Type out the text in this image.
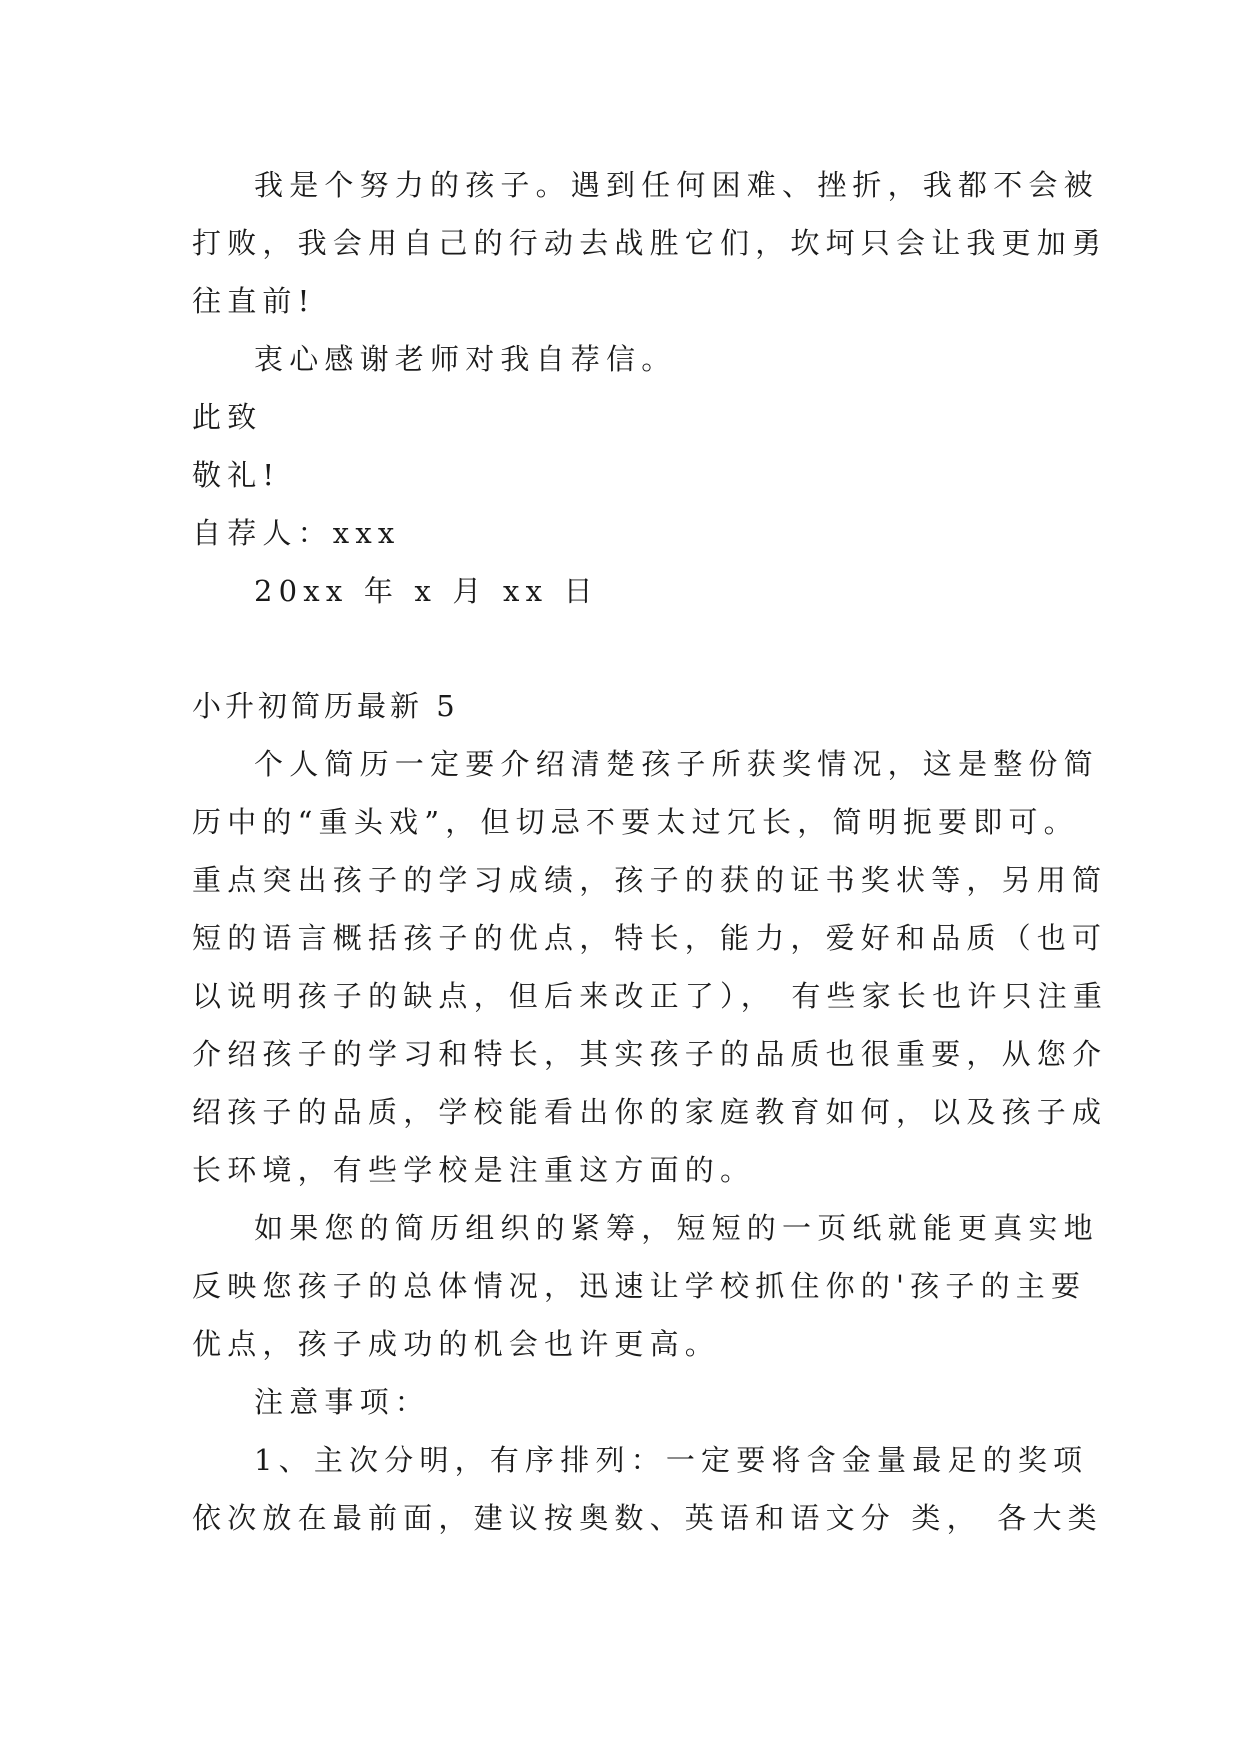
我是个努力的孩子。遇到任何困难、挫折，我都不会被
打败，我会用自己的行动去战胜它们，坎坷只会让我更加勇
往直前!
衷心感谢老师对我自荐信。
此致
敬礼!
自荐人：xxx
20xx 年 x 月 xx 日
小升初简历最新 5
个人简历一定要介绍清楚孩子所获奖情况，这是整份简
历中的“重头戏”，但切忌不要太过冗长，简明扼要即可。
重点突出孩子的学习成绩，孩子的获的证书奖状等，另用简
短的语言概括孩子的优点，特长，能力，爱好和品质（也可
以说明孩子的缺点，但后来改正了）， 有些家长也许只注重
介绍孩子的学习和特长，其实孩子的品质也很重要，从您介
绍孩子的品质，学校能看出你的家庭教育如何，以及孩子成
长环境，有些学校是注重这方面的。
如果您的简历组织的紧筹，短短的一页纸就能更真实地
反映您孩子的总体情况，迅速让学校抓住你的'孩子的主要
优点，孩子成功的机会也许更高。
注意事项：
1、主次分明，有序排列：一定要将含金量最足的奖项
依次放在最前面，建议按奥数、英语和语文分 类， 各大类
